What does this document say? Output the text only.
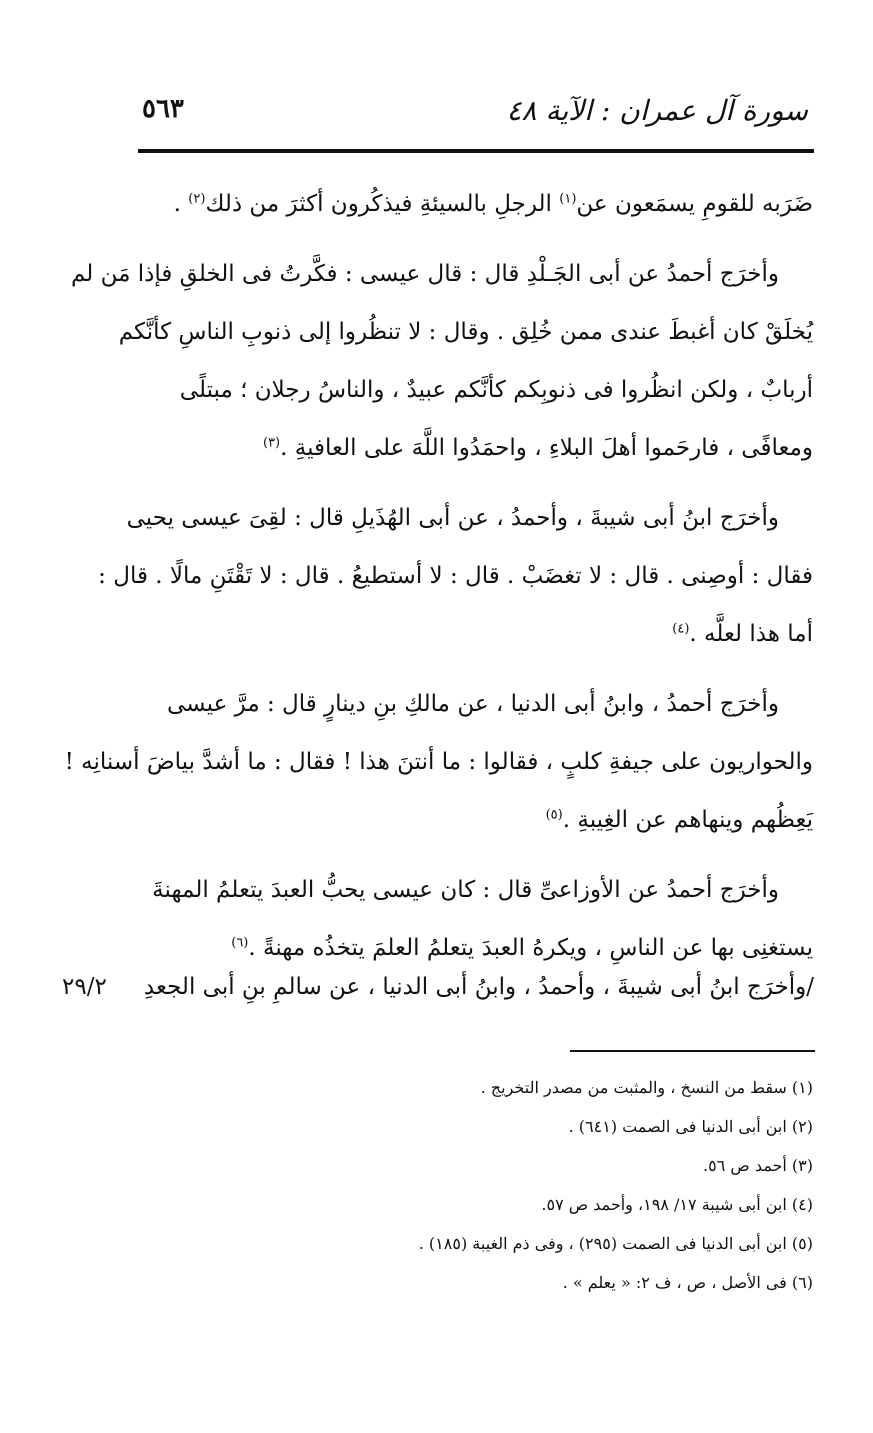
٥٦٣	سورة آل عمران : الآية ٤٨

ضَرَبه للقومِ يسمَعون عن$^{(١)}$ الرجلِ بالسيئةِ فيذكُرون أكثرَ من ذلك$^{(٢)}$ .

وأخرَج أحمدُ عن أبى الجَـلْدِ قال : قال عيسى : فكَّرتُ فى الخلقِ فإذا مَن لم
يُخلَقْ كان أغبطَ عندى ممن خُلِق . وقال : لا تنظُروا إلى ذنوبِ الناسِ كأنَّكم
أربابٌ ، ولكن انظُروا فى ذنوبِكم كأنَّكم عبيدٌ ، والناسُ رجلان ؛ مبتلًى
ومعافًى ، فارحَموا أهلَ البلاءِ ، واحمَدُوا اللَّهَ على العافيةِ .$^{(٣)}$

وأخرَج ابنُ أبى شيبةَ ، وأحمدُ ، عن أبى الهُذَيلِ قال : لقِىَ عيسى يحيى
فقال : أوصِنى . قال : لا تغضَبْ . قال : لا أستطيعُ . قال : لا تَقْتَنِ مالًا . قال :
أما هذا لعلَّه .$^{(٤)}$

وأخرَج أحمدُ ، وابنُ أبى الدنيا ، عن مالكِ بنِ دينارٍ قال : مرَّ عيسى
والحواريون على جيفةِ كلبٍ ، فقالوا : ما أنتنَ هذا ! فقال : ما أشدَّ بياضَ أسنانِه !
يَعِظُهم وينهاهم عن الغِيبةِ .$^{(٥)}$

وأخرَج أحمدُ عن الأوزاعىِّ قال : كان عيسى يحبُّ العبدَ يتعلمُ المهنةَ
يستغنِى بها عن الناسِ ، ويكرهُ العبدَ يتعلمُ العلمَ يتخذُه مهنةً .$^{(٦)}$

/وأخرَج ابنُ أبى شيبةَ ، وأحمدُ ، وابنُ أبى الدنيا ، عن سالمِ بنِ أبى الجعدِ
٢٩/٢
(١) سقط من النسخ ، والمثبت من مصدر التخريج .
(٢) ابن أبى الدنيا فى الصمت (٦٤١) .
(٣) أحمد ص ٥٦.
(٤) ابن أبى شيبة ١٧/ ١٩٨، وأحمد ص ٥٧.
(٥) ابن أبى الدنيا فى الصمت (٢٩٥) ، وفى ذم الغيبة (١٨٥) .
(٦) فى الأصل ، ص ، ف ٢: « يعلم » .
